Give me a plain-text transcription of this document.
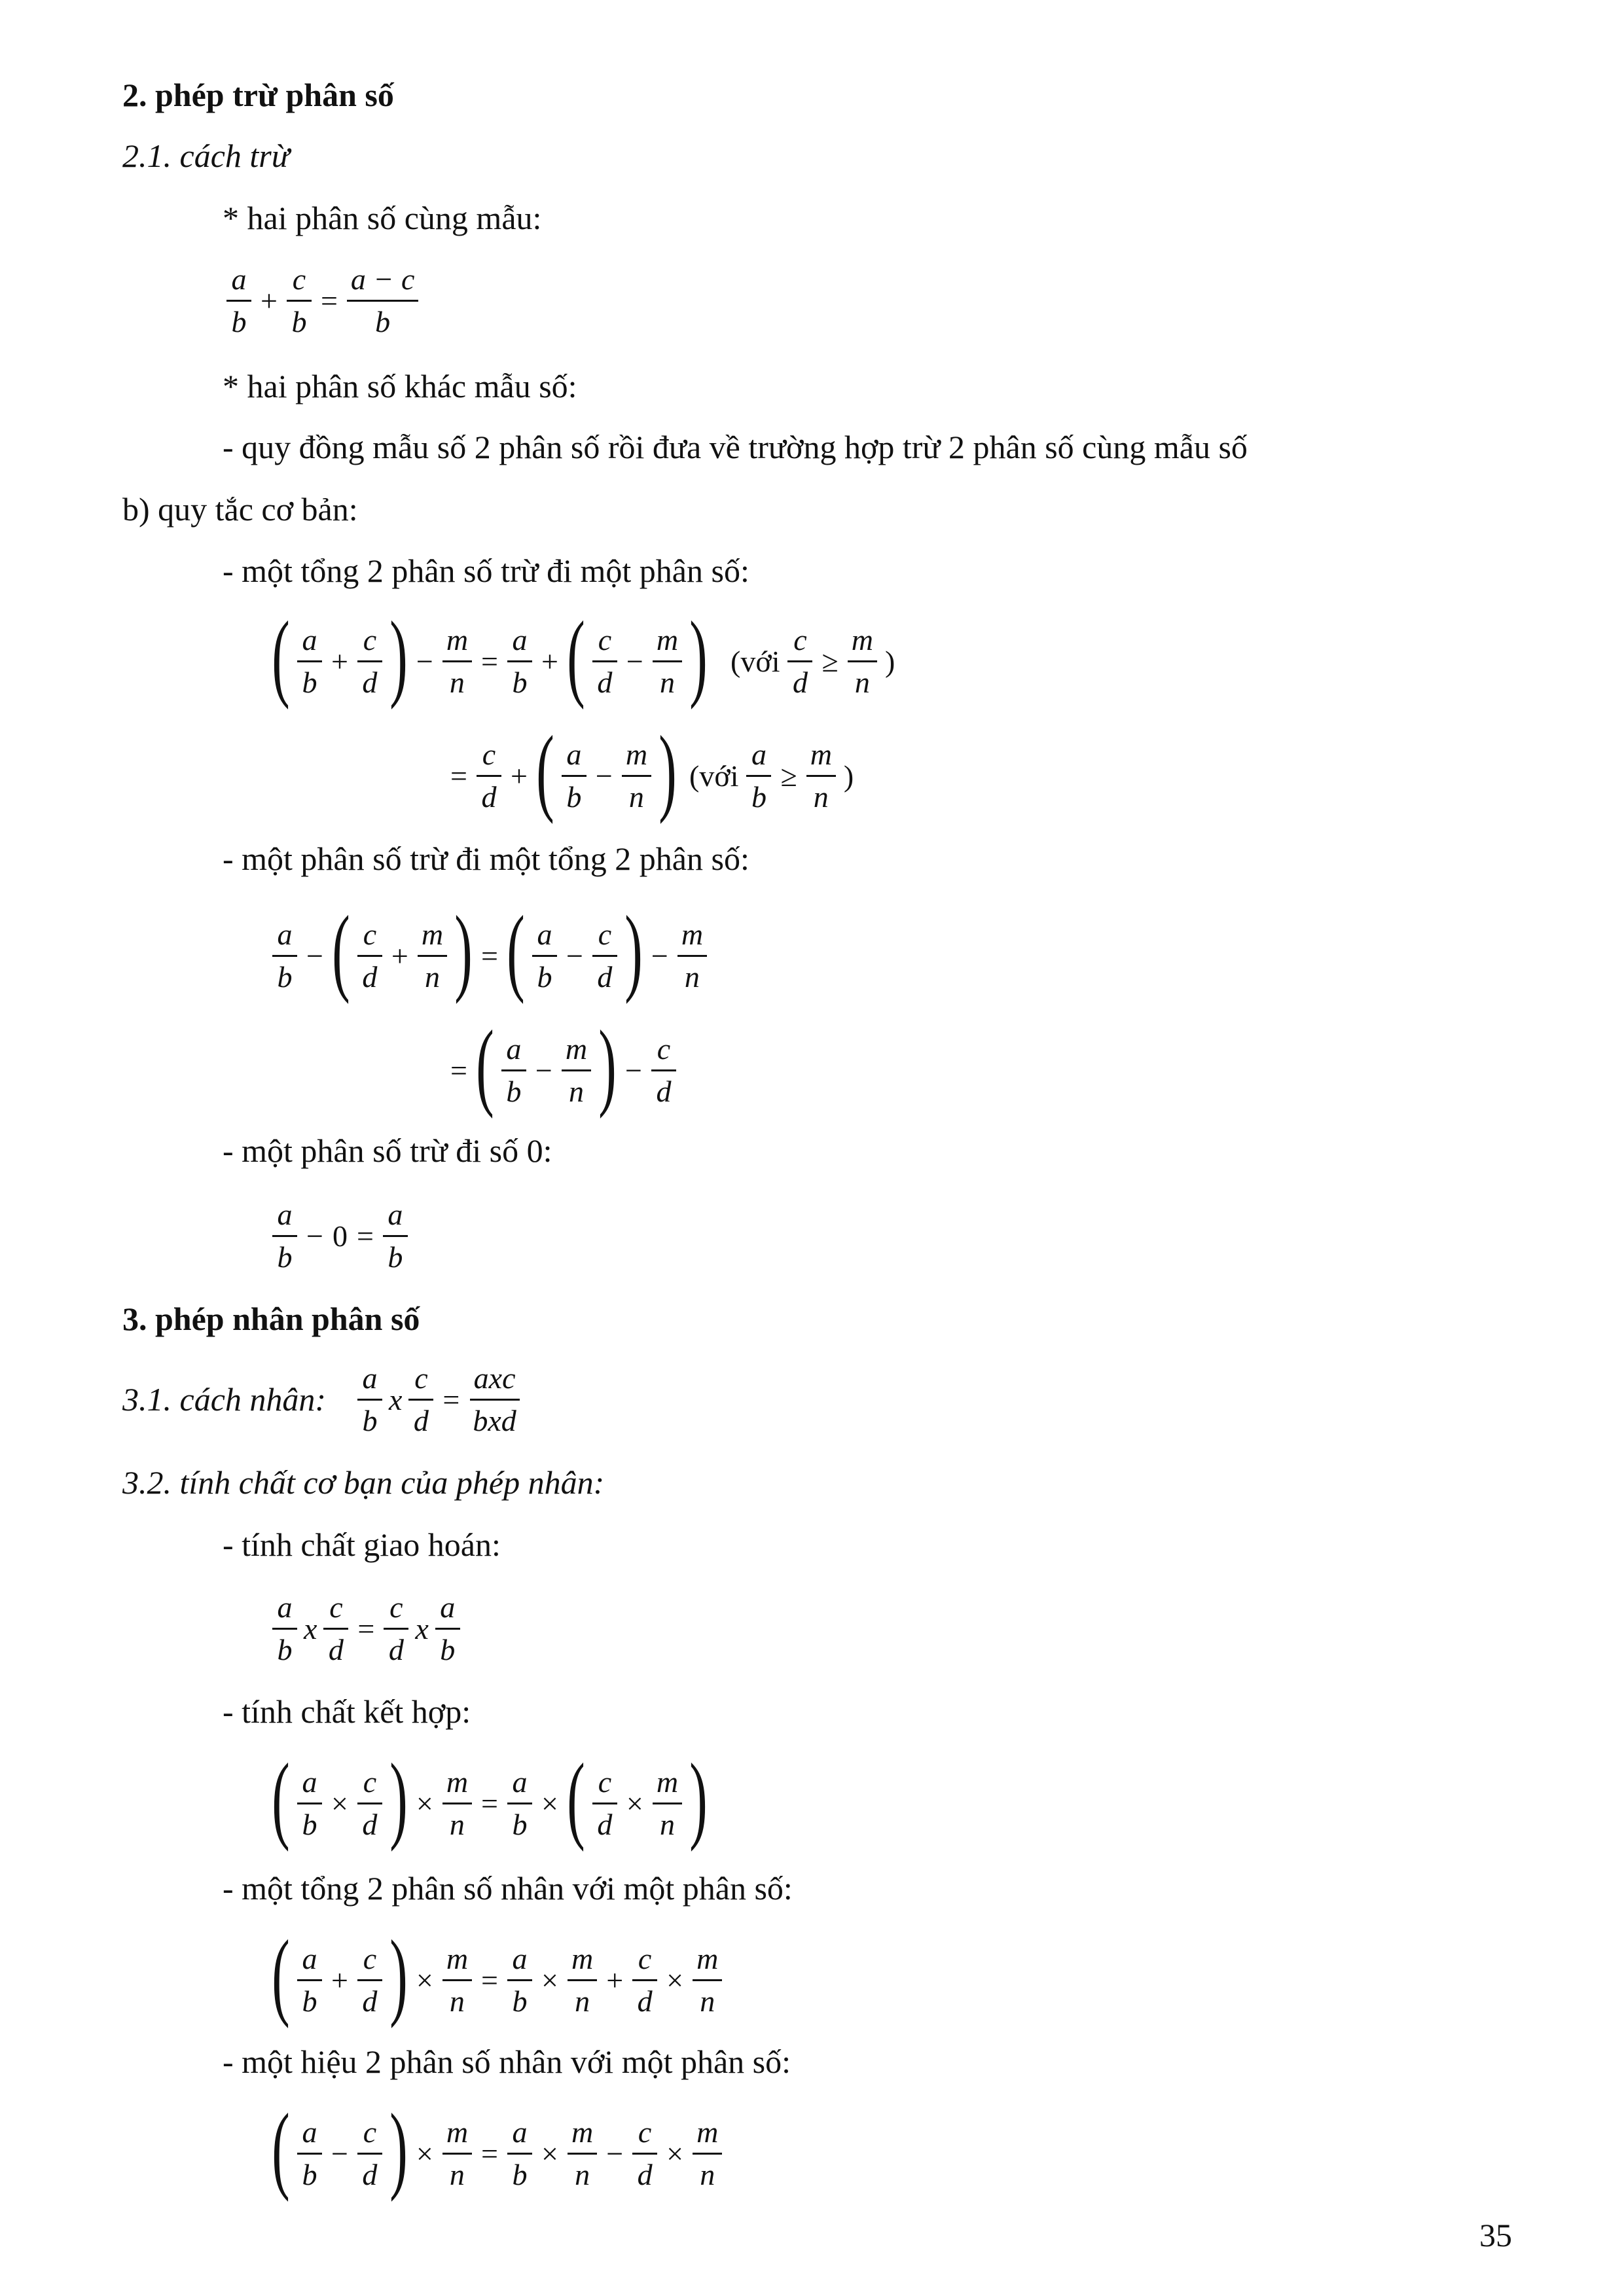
2. phép trừ phân số
2.1. cách trừ
* hai phân số cùng mẫu:
$\frac{a}{b} + \frac{c}{b} = \frac{a - c}{b}$
* hai phân số khác mẫu số:
- quy đồng mẫu số 2 phân số rồi đưa về trường hợp trừ 2 phân số cùng mẫu số
b) quy tắc cơ bản:
- một tổng 2 phân số trừ đi một phân số:
( $\frac{a}{b} + \frac{c}{d}$ ) − $\frac{m}{n} = \frac{a}{b}$ + ( $\frac{c}{d} - \frac{m}{n}$ ) (với $\frac{c}{d} \ge \frac{m}{n}$ )
= $\frac{c}{d}$ + ( $\frac{a}{b} - \frac{m}{n}$ ) (với $\frac{a}{b} \ge \frac{m}{n}$ )
- một phân số trừ đi một tổng 2 phân số:
$\frac{a}{b}$ − ( $\frac{c}{d} + \frac{m}{n}$ ) = ( $\frac{a}{b} - \frac{c}{d}$ ) − $\frac{m}{n}$
= ( $\frac{a}{b} - \frac{m}{n}$ ) − $\frac{c}{d}$
- một phân số trừ đi số 0:
$\frac{a}{b} - 0 = \frac{a}{b}$
3. phép nhân phân số
3.1. cách nhân: $\frac{a}{b}$ x $\frac{c}{d} = \frac{\text{axc}}{\text{bxd}}$
3.2. tính chất cơ bạn của phép nhân:
- tính chất giao hoán:
$\frac{a}{b}$ x $\frac{c}{d} = \frac{c}{d}$ x $\frac{a}{b}$
- tính chất kết hợp:
( $\frac{a}{b} \times \frac{c}{d}$ ) × $\frac{m}{n} = \frac{a}{b}$ × ( $\frac{c}{d} \times \frac{m}{n}$ )
- một tổng 2 phân số nhân với một phân số:
( $\frac{a}{b} + \frac{c}{d}$ ) × $\frac{m}{n} = \frac{a}{b} \times \frac{m}{n} + \frac{c}{d} \times \frac{m}{n}$
- một hiệu 2 phân số nhân với một phân số:
( $\frac{a}{b} - \frac{c}{d}$ ) × $\frac{m}{n} = \frac{a}{b} \times \frac{m}{n} - \frac{c}{d} \times \frac{m}{n}$
35
